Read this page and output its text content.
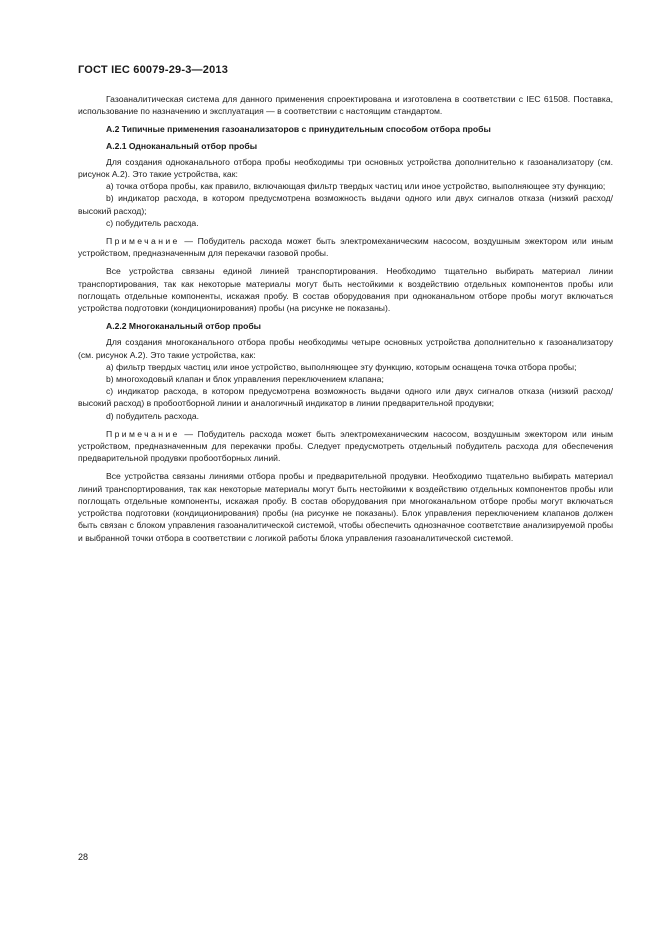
ГОСТ IEC 60079-29-3—2013

Газоаналитическая система для данного применения спроектирована и изготовлена в соответствии с IEC 61508. Поставка, использование по назначению и эксплуатация — в соответствии с настоящим стандартом.

А.2 Типичные применения газоанализаторов с принудительным способом отбора пробы

А.2.1 Одноканальный отбор пробы

Для создания одноканального отбора пробы необходимы три основных устройства дополнительно к газоанализатору (см. рисунок А.2). Это такие устройства, как:

a) точка отбора пробы, как правило, включающая фильтр твердых частиц или иное устройство, выполняющее эту функцию;

b) индикатор расхода, в котором предусмотрена возможность выдачи одного или двух сигналов отказа (низкий расход/высокий расход);

c) побудитель расхода.

Примечание — Побудитель расхода может быть электромеханическим насосом, воздушным эжектором или иным устройством, предназначенным для перекачки газовой пробы.

Все устройства связаны единой линией транспортирования. Необходимо тщательно выбирать материал линии транспортирования, так как некоторые материалы могут быть нестойкими к воздействию отдельных компонентов пробы или поглощать отдельные компоненты, искажая пробу. В состав оборудования при одноканальном отборе пробы могут включаться устройства подготовки (кондиционирования) пробы (на рисунке не показаны).

А.2.2 Многоканальный отбор пробы

Для создания многоканального отбора пробы необходимы четыре основных устройства дополнительно к газоанализатору (см. рисунок А.2). Это такие устройства, как:

a) фильтр твердых частиц или иное устройство, выполняющее эту функцию, которым оснащена точка отбора пробы;

b) многоходовый клапан и блок управления переключением клапана;

c) индикатор расхода, в котором предусмотрена возможность выдачи одного или двух сигналов отказа (низкий расход/высокий расход) в пробоотборной линии и аналогичный индикатор в линии предварительной продувки;

d) побудитель расхода.

Примечание — Побудитель расхода может быть электромеханическим насосом, воздушным эжектором или иным устройством, предназначенным для перекачки пробы. Следует предусмотреть отдельный побудитель расхода для обеспечения предварительной продувки пробоотборных линий.

Все устройства связаны линиями отбора пробы и предварительной продувки. Необходимо тщательно выбирать материал линий транспортирования, так как некоторые материалы могут быть нестойкими к воздействию отдельных компонентов пробы или поглощать отдельные компоненты, искажая пробу. В состав оборудования при многоканальном отборе пробы могут включаться устройства подготовки (кондиционирования) пробы (на рисунке не показаны). Блок управления переключением клапанов должен быть связан с блоком управления газоаналитической системой, чтобы обеспечить однозначное соответствие анализируемой пробы и выбранной точки отбора в соответствии с логикой работы блока управления газоаналитической системой.

28
